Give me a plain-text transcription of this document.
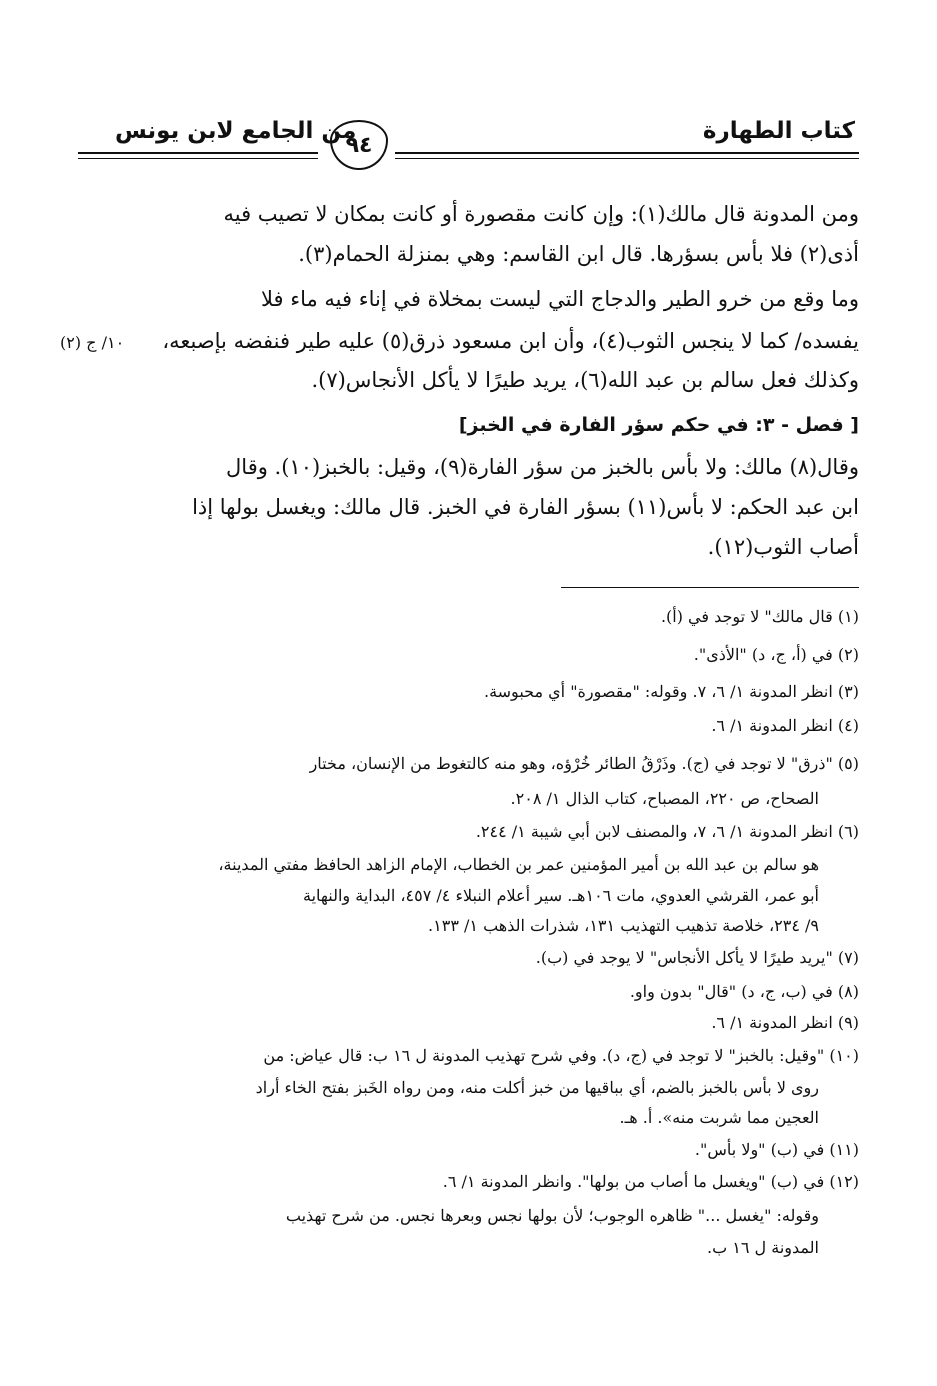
كتاب الطهارة
من الجامع لابن يونس
٩٤
١٠/ ج (٢)
ومن المدونة قال مالك(١): وإن كانت مقصورة أو كانت بمكان لا تصيب فيه
أذى(٢) فلا بأس بسؤرها. قال ابن القاسم: وهي بمنزلة الحمام(٣).
وما وقع من خرو الطير والدجاج التي ليست بمخلاة في إناء فيه ماء فلا
يفسده/ كما لا ينجس الثوب(٤)، وأن ابن مسعود ذرق(٥) عليه طير فنفضه بإصبعه،
وكذلك فعل سالم بن عبد الله(٦)، يريد طيرًا لا يأكل الأنجاس(٧).
[ فصل - ٣: في حكم سؤر الفارة في الخبز]
وقال(٨) مالك: ولا بأس بالخبز من سؤر الفارة(٩)، وقيل: بالخبز(١٠). وقال
ابن عبد الحكم: لا بأس(١١) بسؤر الفارة في الخبز. قال مالك: ويغسل بولها إذا
أصاب الثوب(١٢).
(١) قال مالك" لا توجد في (أ).
(٢) في (أ، ج، د) "الأذى".
(٣) انظر المدونة ١/ ٦، ٧. وقوله: "مقصورة" أي محبوسة.
(٤) انظر المدونة ١/ ٦.
(٥) "ذرق" لا توجد في (ج). وذَرْقُ الطائر خُرْؤه، وهو منه كالتغوط من الإنسان، مختار
الصحاح، ص ٢٢٠، المصباح، كتاب الذال ١/ ٢٠٨.
(٦) انظر المدونة ١/ ٦، ٧، والمصنف لابن أبي شيبة ١/ ٢٤٤.
هو سالم بن عبد الله بن أمير المؤمنين عمر بن الخطاب، الإمام الزاهد الحافظ مفتي المدينة،
أبو عمر، القرشي العدوي، مات ١٠٦هـ. سير أعلام النبلاء ٤/ ٤٥٧، البداية والنهاية
٩/ ٢٣٤، خلاصة تذهيب التهذيب ١٣١، شذرات الذهب ١/ ١٣٣.
(٧) "يريد طيرًا لا يأكل الأنجاس" لا يوجد في (ب).
(٨) في (ب، ج، د) "قال" بدون واو.
(٩) انظر المدونة ١/ ٦.
(١٠) "وقيل: بالخبز" لا توجد في (ج، د). وفي شرح تهذيب المدونة ل ١٦ ب: قال عياض: من
روى لا بأس بالخبز بالضم، أي بباقيها من خبز أكلت منه، ومن رواه الخَبز بفتح الخاء أراد
العجين مما شربت منه». أ. هـ.
(١١) في (ب) "ولا بأس".
(١٢) في (ب) "ويغسل ما أصاب من بولها". وانظر المدونة ١/ ٦.
وقوله: "يغسل ..." ظاهره الوجوب؛ لأن بولها نجس وبعرها نجس. من شرح تهذيب
المدونة ل ١٦ ب.
